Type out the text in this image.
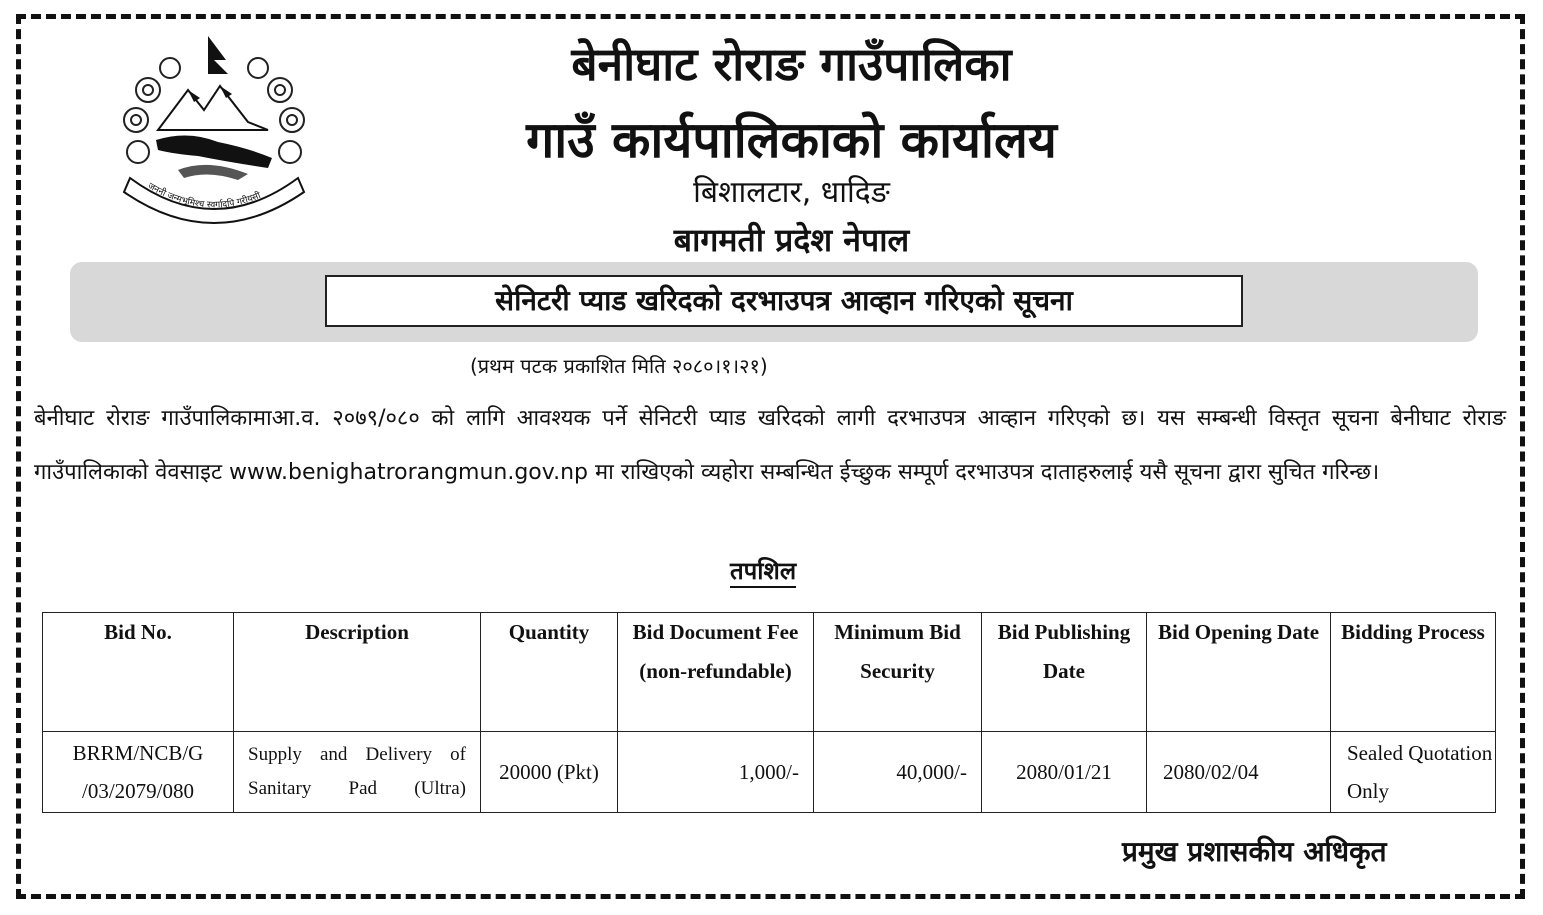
जननी जन्मभूमिश्च स्वर्गादपि गरीयसी
बेनीघाट रोराङ गाउँपालिका
गाउँ कार्यपालिकाको कार्यालय
बिशालटार, धादिङ
बागमती प्रदेश नेपाल
सेनिटरी प्याड खरिदको दरभाउपत्र आव्हान गरिएको सूचना
(प्रथम पटक प्रकाशित मिति २०८०।१।२१)
बेनीघाट रोराङ गाउँपालिकामाआ.व. २०७९/०८० को लागि आवश्यक पर्ने सेनिटरी प्याड खरिदको लागी दरभाउपत्र आव्हान गरिएको छ। यस सम्बन्धी विस्तृत सूचना बेनीघाट रोराङ गाउँपालिकाको वेवसाइट www.benighatrorangmun.gov.np मा राखिएको व्यहोरा सम्बन्धित ईच्छुक सम्पूर्ण दरभाउपत्र दाताहरुलाई यसै सूचना द्वारा सुचित गरिन्छ।
तपशिल
Bid No.	Description	Quantity	Bid Document Fee (non-refundable)	Minimum Bid Security	Bid Publishing Date	Bid Opening Date	Bidding Process
BRRM/NCB/G /03/2079/080	Supply and Delivery of Sanitary Pad (Ultra)	20000 (Pkt)	1,000/-	40,000/-	2080/01/21	2080/02/04	Sealed Quotation Only
प्रमुख प्रशासकीय अधिकृत
